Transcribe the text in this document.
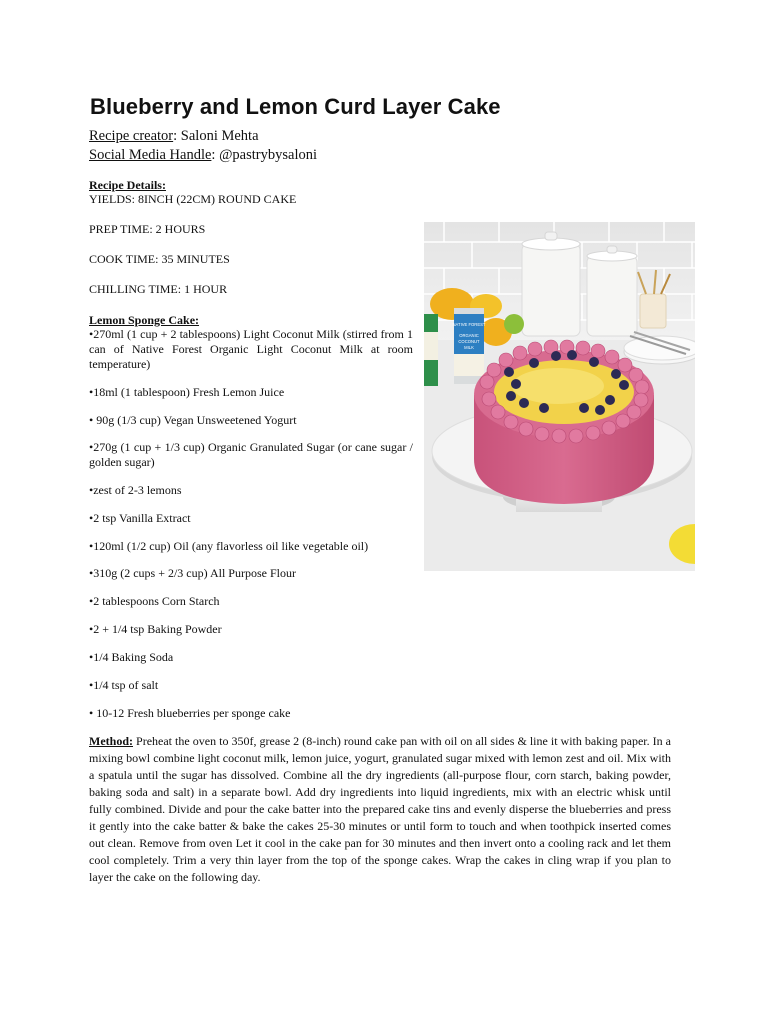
Blueberry and Lemon Curd Layer Cake
Recipe creator: Saloni Mehta
Social Media Handle: @pastrybysaloni
Recipe Details:
YIELDS: 8INCH (22CM) ROUND CAKE
PREP TIME: 2 HOURS
COOK TIME: 35 MINUTES
CHILLING TIME: 1 HOUR
Lemon Sponge Cake:
•270ml (1 cup + 2 tablespoons) Light Coconut Milk (stirred from 1 can of Native Forest Organic Light Coconut Milk at room temperature)
•18ml (1 tablespoon) Fresh Lemon Juice
• 90g (1/3 cup) Vegan Unsweetened Yogurt
•270g (1 cup + 1/3 cup) Organic Granulated Sugar (or cane sugar / golden sugar)
•zest of 2-3 lemons
•2 tsp Vanilla Extract
•120ml (1/2 cup) Oil (any flavorless oil like vegetable oil)
•310g (2 cups + 2/3 cup) All Purpose Flour
•2 tablespoons Corn Starch
•2 + 1/4 tsp Baking Powder
•1/4 Baking Soda
•1/4 tsp of salt
• 10-12 Fresh blueberries per sponge cake

Method: Preheat the oven to 350f, grease 2 (8-inch) round cake pan with oil on all sides & line it with baking paper. In a mixing bowl combine light coconut milk, lemon juice, yogurt, granulated sugar mixed with lemon zest and oil. Mix with a spatula until the sugar has dissolved. Combine all the dry ingredients (all-purpose flour, corn starch, baking powder, baking soda and salt) in a separate bowl. Add dry ingredients into liquid ingredients, mix with an electric whisk until fully combined. Divide and pour the cake batter into the prepared cake tins and evenly disperse the blueberries and press it gently into the cake batter & bake the cakes 25-30 minutes or until form to touch and when toothpick inserted comes out clean. Remove from oven Let it cool in the cake pan for 30 minutes and then invert onto a cooling rack and let them cool completely. Trim a very thin layer from the top of the sponge cakes. Wrap the cakes in cling wrap if you plan to layer the cake on the following day.

NATIVE FOREST
ORGANIC
COCONUT
MILK
